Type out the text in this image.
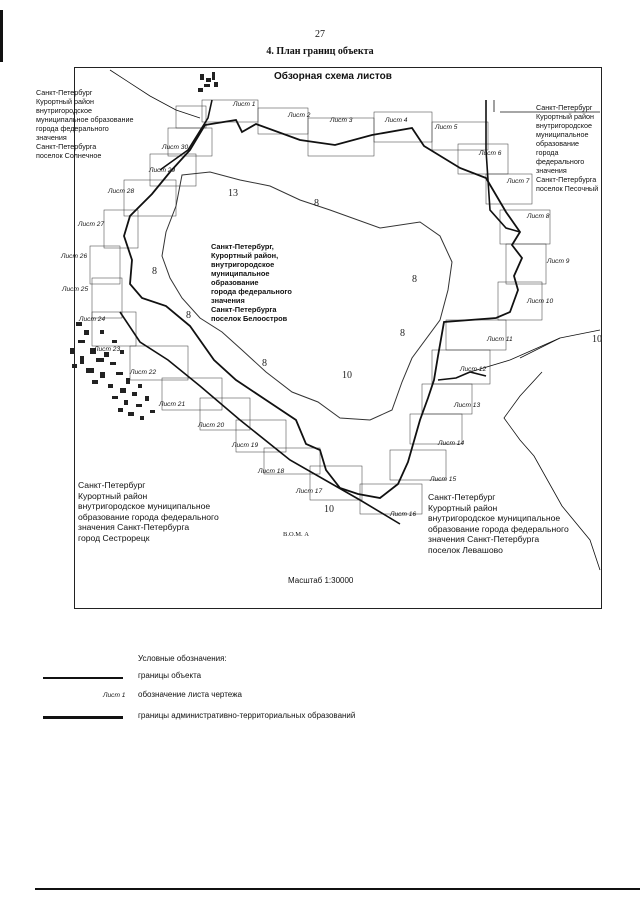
27
4. План границ объекта
8
8
8
8
10
10
8
13
10
8
Обзорная схема листов
Лист 1
Лист 2
Лист 3	Лист 4
Лист 5
Лист 6
Лист 7
Лист 8
Лист 9
Лист 10
Лист 11
Лист 12
Лист 13
Лист 14
Лист 15
Лист 16
Лист 17
Лист 18
Лист 19
Лист 20
Лист 21
Лист 22
Лист 23
Лист 24
Лист 25
Лист 26
Лист 27
Лист 28
Лист 29
Лист 30
Санкт-Петербург
Курортный район
внутригородское
муниципальное образование
города федерального
значения
Санкт-Петербурга
поселок Солнечное
Санкт-Петербург
Курортный район
внутригородское
муниципальное
образование
города
федерального
значения
Санкт-Петербурга
поселок Песочный
Санкт-Петербург,
Курортный район,
внутригородское
муниципальное
образование
города федерального
значения
Санкт-Петербурга
поселок Белоостров
Санкт-Петербург
Курортный район
внутригородское муниципальное
образование города федерального
значения Санкт-Петербурга
город Сестрорецк
Санкт-Петербург
Курортный район
внутригородское муниципальное
образование города федерального
значения Санкт-Петербурга
поселок Левашово
В.О.М. А
Масштаб 1:30000
Условные обозначения:
границы объекта
Лист 1 обозначение листа чертежа
границы административно-территориальных образований
